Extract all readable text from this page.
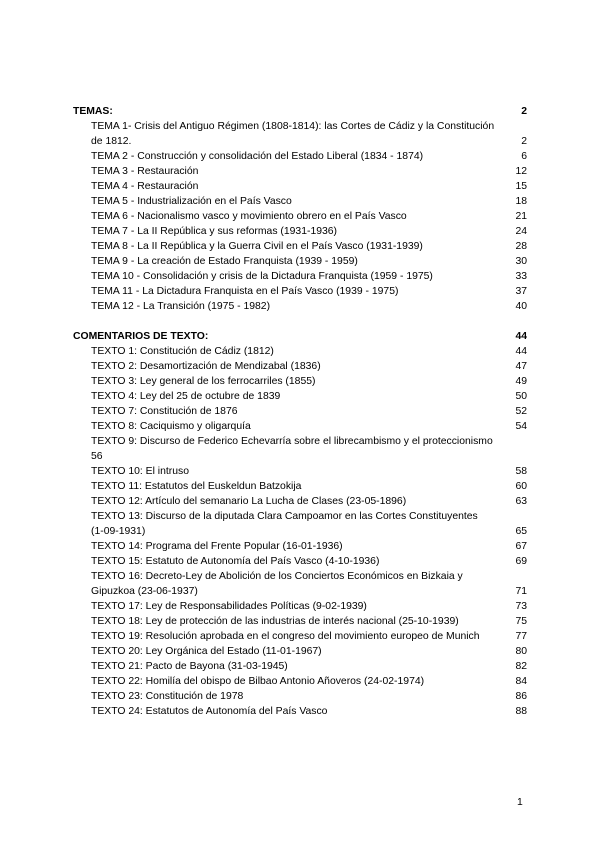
TEMAS:	2
TEMA 1- Crisis del Antiguo Régimen (1808-1814): las Cortes de Cádiz y la Constitución
de 1812.	2
TEMA 2 - Construcción y consolidación del Estado Liberal (1834 - 1874)	6
TEMA 3 - Restauración	12
TEMA 4 - Restauración	15
TEMA 5 - Industrialización en el País Vasco	18
TEMA 6 - Nacionalismo vasco y movimiento obrero en el País Vasco	21
TEMA 7 - La II República y sus reformas (1931-1936)	24
TEMA 8 - La II República y la Guerra Civil en el País Vasco (1931-1939)	28
TEMA 9 - La creación de Estado Franquista (1939 - 1959)	30
TEMA 10 - Consolidación y crisis de la Dictadura Franquista (1959 - 1975)	33
TEMA 11 - La Dictadura Franquista en el País Vasco (1939 - 1975)	37
TEMA 12 - La Transición (1975 - 1982)	40
COMENTARIOS DE TEXTO:	44
TEXTO 1: Constitución de Cádiz (1812)	44
TEXTO 2: Desamortización de Mendizabal (1836)	47
TEXTO 3: Ley general de los ferrocarriles (1855)	49
TEXTO 4: Ley del 25 de octubre de 1839	50
TEXTO 7: Constitución de 1876	52
TEXTO 8: Caciquismo y oligarquía	54
TEXTO 9: Discurso de Federico Echevarría sobre el librecambismo y el proteccionismo
56
TEXTO 10: El intruso	58
TEXTO 11: Estatutos del Euskeldun Batzokija	60
TEXTO 12: Artículo del semanario La Lucha de Clases (23-05-1896)	63
TEXTO 13: Discurso de la diputada Clara Campoamor en las Cortes Constituyentes
(1-09-1931)	65
TEXTO 14: Programa del Frente Popular (16-01-1936)	67
TEXTO 15: Estatuto de Autonomía del País Vasco (4-10-1936)	69
TEXTO 16: Decreto-Ley de Abolición de los Conciertos Económicos en Bizkaia y
Gipuzkoa (23-06-1937)	71
TEXTO 17: Ley de Responsabilidades Políticas (9-02-1939)	73
TEXTO 18: Ley de protección de las industrias de interés nacional (25-10-1939)	75
TEXTO 19: Resolución aprobada en el congreso del movimiento europeo de Munich	77
TEXTO 20: Ley Orgánica del Estado (11-01-1967)	80
TEXTO 21: Pacto de Bayona (31-03-1945)	82
TEXTO 22: Homilía del obispo de Bilbao Antonio Añoveros (24-02-1974)	84
TEXTO 23: Constitución de 1978	86
TEXTO 24: Estatutos de Autonomía del País Vasco	88
1
